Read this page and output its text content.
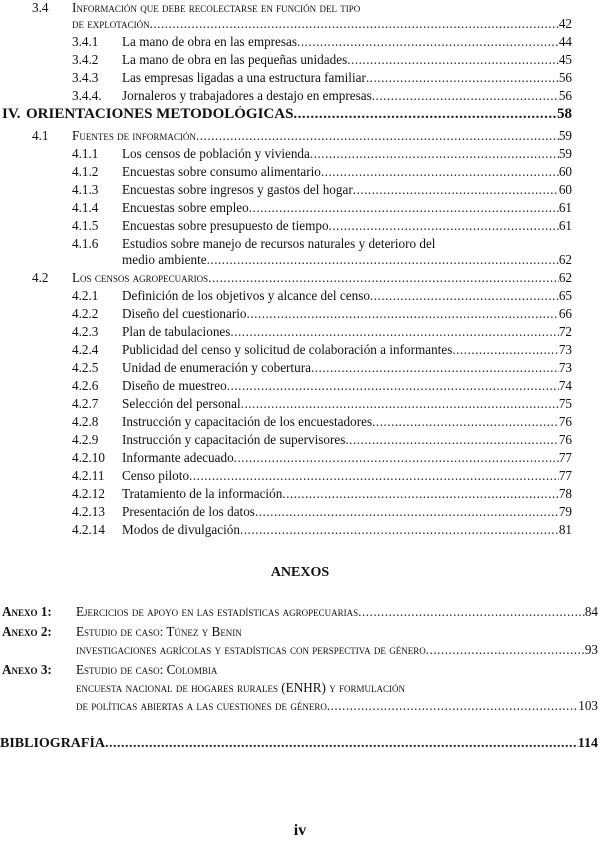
3.4 Información que debe recolectarse en función del tipo
de explotación .....	42
3.4.1 La mano de obra en las empresas .....	44
3.4.2 La mano de obra en las pequeñas unidades .....	45
3.4.3 Las empresas ligadas a una estructura familiar .....	56
3.4.4. Jornaleros y trabajadores a destajo en empresas .....	56
IV. ORIENTACIONES METODOLÓGICAS .....	58
4.1 Fuentes de información .....	59
4.1.1 Los censos de población y vivienda .....	59
4.1.2 Encuestas sobre consumo alimentario .....	60
4.1.3 Encuestas sobre ingresos y gastos del hogar .....	60
4.1.4 Encuestas sobre empleo .....	61
4.1.5 Encuestas sobre presupuesto de tiempo .....	61
4.1.6 Estudios sobre manejo de recursos naturales y deterioro del
medio ambiente .....	62
4.2 Los censos agropecuarios .....	62
4.2.1 Definición de los objetivos y alcance del censo .....	65
4.2.2 Diseño del cuestionario .....	66
4.2.3 Plan de tabulaciones .....	72
4.2.4 Publicidad del censo y solicitud de colaboración a informantes .....	73
4.2.5 Unidad de enumeración y cobertura .....	73
4.2.6 Diseño de muestreo .....	74
4.2.7 Selección del personal .....	75
4.2.8 Instrucción y capacitación de los encuestadores .....	76
4.2.9 Instrucción y capacitación de supervisores .....	76
4.2.10 Informante adecuado .....	77
4.2.11 Censo piloto .....	77
4.2.12 Tratamiento de la información .....	78
4.2.13 Presentación de los datos .....	79
4.2.14 Modos de divulgación .....	81
ANEXOS
Anexo 1: Ejercicios de apoyo en las estadísticas agropecuarias .....	84
Anexo 2: Estudio de caso: Túnez y Benin
investigaciones agrícolas y estadísticas con perspectiva de género .....	93
Anexo 3: Estudio de caso: Colombia
encuesta nacional de hogares rurales (ENHR) y formulación
de políticas abiertas a las cuestiones de género .....	103
BIBLIOGRAFÍA .....	114
iv
